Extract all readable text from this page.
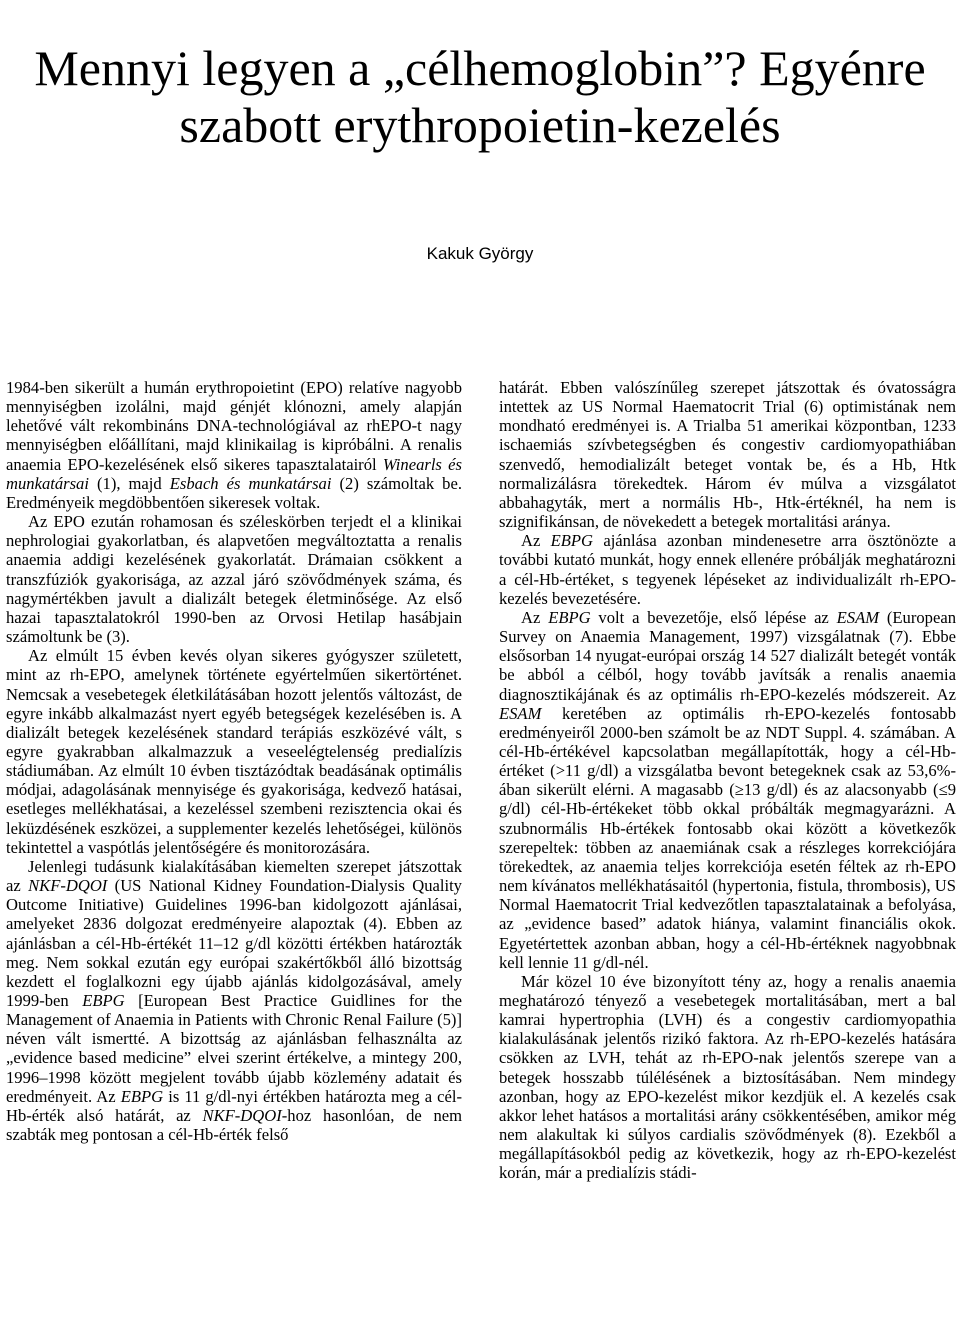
Mennyi legyen a „célhemoglobin”? Egyénre
szabott erythropoietin-kezelés
Kakuk György

1984-ben sikerült a humán erythropoietint (EPO) relatíve nagyobb mennyiségben izolálni, majd génjét klónozni, amely alapján lehetővé vált rekombináns DNA-technológiával az rhEPO-t nagy mennyiségben előállítani, majd klinikailag is kipróbálni. A renalis anaemia EPO-kezelésének első sikeres tapasztalatairól Winearls és munkatársai (1), majd Esbach és munkatársai (2) számoltak be. Eredményeik megdöbbentően sikeresek voltak.

Az EPO ezután rohamosan és széleskörben terjedt el a klinikai nephrologiai gyakorlatban, és alapvetően megváltoztatta a renalis anaemia addigi kezelésének gyakorlatát. Drámaian csökkent a transzfúziók gyakorisága, az azzal járó szövődmények száma, és nagymértékben javult a dializált betegek életminősége. Az első hazai tapasztalatokról 1990-ben az Orvosi Hetilap hasábjain számoltunk be (3).

Az elmúlt 15 évben kevés olyan sikeres gyógyszer született, mint az rh-EPO, amelynek története egyértelműen sikertörténet. Nemcsak a vesebetegek életkilátásában hozott jelentős változást, de egyre inkább alkalmazást nyert egyéb betegségek kezelésében is. A dializált betegek kezelésének standard terápiás eszközévé vált, s egyre gyakrabban alkalmazzuk a veseelégtelenség predialízis stádiumában. Az elmúlt 10 évben tisztázódtak beadásának optimális módjai, adagolásának mennyisége és gyakorisága, kedvező hatásai, esetleges mellékhatásai, a kezeléssel szembeni rezisztencia okai és leküzdésének eszközei, a supplementer kezelés lehetőségei, különös tekintettel a vaspótlás jelentőségére és monitorozására.

Jelenlegi tudásunk kialakításában kiemelten szerepet játszottak az NKF-DQOI (US National Kidney Foundation-Dialysis Quality Outcome Initiative) Guidelines 1996-ban kidolgozott ajánlásai, amelyeket 2836 dolgozat eredményeire alapoztak (4). Ebben az ajánlásban a cél-Hb-értékét 11–12 g/dl közötti értékben határozták meg. Nem sokkal ezután egy európai szakértőkből álló bizottság kezdett el foglalkozni egy újabb ajánlás kidolgozásával, amely 1999-ben EBPG [European Best Practice Guidlines for the Management of Anaemia in Patients with Chronic Renal Failure (5)] néven vált ismertté. A bizottság az ajánlásban felhasználta az „evidence based medicine” elvei szerint értékelve, a mintegy 200, 1996–1998 között megjelent tovább újabb közlemény adatait és eredményeit. Az EBPG is 11 g/dl-nyi értékben határozta meg a cél-Hb-érték alsó határát, az NKF-DQOI-hoz hasonlóan, de nem szabták meg pontosan a cél-Hb-érték felső

határát. Ebben valószínűleg szerepet játszottak és óvatosságra intettek az US Normal Haematocrit Trial (6) optimistának nem mondható eredményei is. A Trialba 51 amerikai központban, 1233 ischaemiás szívbetegségben és congestiv cardiomyopathiában szenvedő, hemodializált beteget vontak be, és a Hb, Htk normalizálásra törekedtek. Három év múlva a vizsgálatot abbahagyták, mert a normális Hb-, Htk-értéknél, ha nem is szignifikánsan, de növekedett a betegek mortalitási aránya.

Az EBPG ajánlása azonban mindenesetre arra ösztönözte a további kutató munkát, hogy ennek ellenére próbálják meghatározni a cél-Hb-értéket, s tegyenek lépéseket az individualizált rh-EPO-kezelés bevezetésére.

Az EBPG volt a bevezetője, első lépése az ESAM (European Survey on Anaemia Management, 1997) vizsgálatnak (7). Ebbe elsősorban 14 nyugat-európai ország 14 527 dializált betegét vonták be abból a célból, hogy tovább javítsák a renalis anaemia diagnosztikájának és az optimális rh-EPO-kezelés módszereit. Az ESAM keretében az optimális rh-EPO-kezelés fontosabb eredményeiről 2000-ben számolt be az NDT Suppl. 4. számában. A cél-Hb-értékével kapcsolatban megállapították, hogy a cél-Hb-értéket (>11 g/dl) a vizsgálatba bevont betegeknek csak az 53,6%-ában sikerült elérni. A magasabb (≥13 g/dl) és az alacsonyabb (≤9 g/dl) cél-Hb-értékeket több okkal próbálták megmagyarázni. A szubnormális Hb-értékek fontosabb okai között a következők szerepeltek: többen az anaemiának csak a részleges korrekciójára törekedtek, az anaemia teljes korrekciója esetén féltek az rh-EPO nem kívánatos mellékhatásaitól (hypertonia, fistula, thrombosis), US Normal Haematocrit Trial kedvezőtlen tapasztalatainak a befolyása, az „evidence based” adatok hiánya, valamint financiális okok. Egyetértettek azonban abban, hogy a cél-Hb-értéknek nagyobbnak kell lennie 11 g/dl-nél.

Már közel 10 éve bizonyított tény az, hogy a renalis anaemia meghatározó tényező a vesebetegek mortalitásában, mert a bal kamrai hypertrophia (LVH) és a congestiv cardiomyopathia kialakulásának jelentős rizikó faktora. Az rh-EPO-kezelés hatására csökken az LVH, tehát az rh-EPO-nak jelentős szerepe van a betegek hosszabb túlélésének a biztosításában. Nem mindegy azonban, hogy az EPO-kezelést mikor kezdjük el. A kezelés csak akkor lehet hatásos a mortalitási arány csökkentésében, amikor még nem alakultak ki súlyos cardialis szövődmények (8). Ezekből a megállapításokból pedig az következik, hogy az rh-EPO-kezelést korán, már a predialízis stádi-
